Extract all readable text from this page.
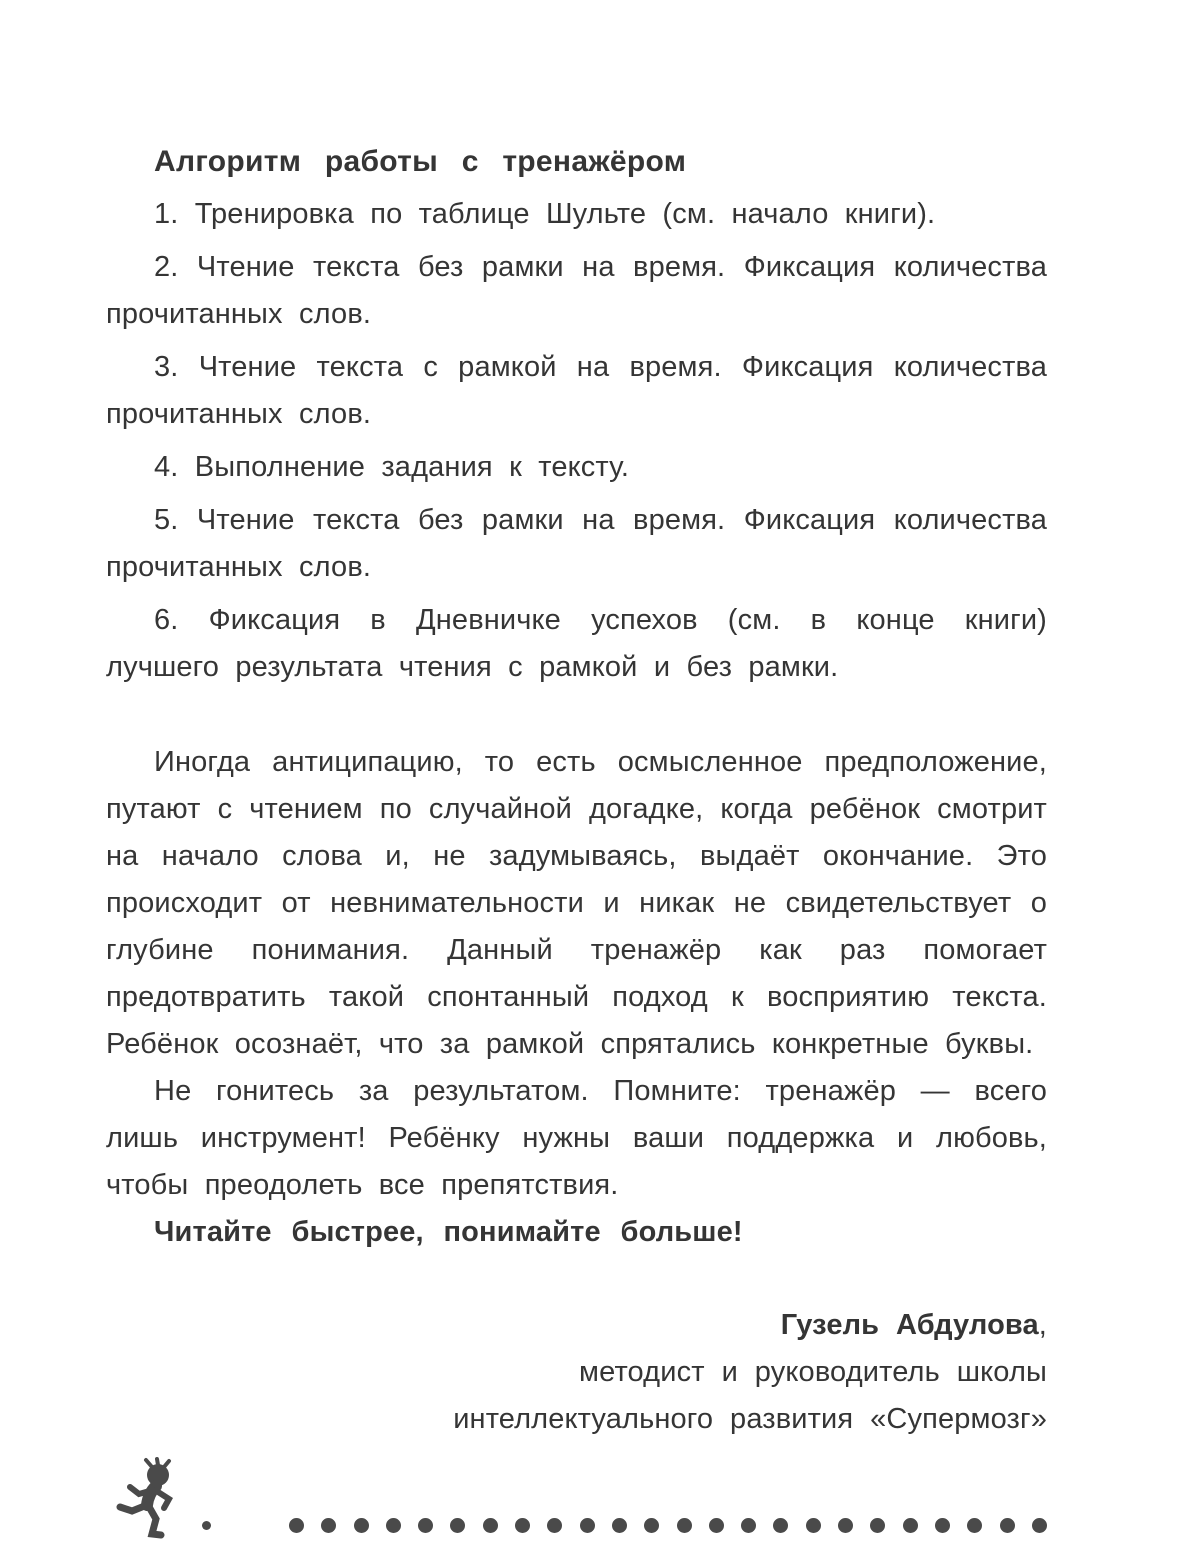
Алгоритм работы с тренажёром

1. Тренировка по таблице Шульте (см. начало книги).

2. Чтение текста без рамки на время. Фиксация количества прочитанных слов.

3. Чтение текста с рамкой на время. Фиксация количества прочитанных слов.

4. Выполнение задания к тексту.

5. Чтение текста без рамки на время. Фиксация количества прочитанных слов.

6. Фиксация в Дневничке успехов (см. в конце книги) лучшего результата чтения с рамкой и без рамки.

Иногда антиципацию, то есть осмысленное предположение, путают с чтением по случайной догадке, когда ребёнок смотрит на начало слова и, не задумываясь, выдаёт окончание. Это происходит от невнимательности и никак не свидетельствует о глубине понимания. Данный тренажёр как раз помогает предотвратить такой спонтанный подход к восприятию текста. Ребёнок осознаёт, что за рамкой спрятались конкретные буквы.

Не гонитесь за результатом. Помните: тренажёр — всего лишь инструмент! Ребёнку нужны ваши поддержка и любовь, чтобы преодолеть все препятствия.

Читайте быстрее, понимайте больше!

Гузель Абдулова,

методист и руководитель школы

интеллектуального развития «Супермозг»
